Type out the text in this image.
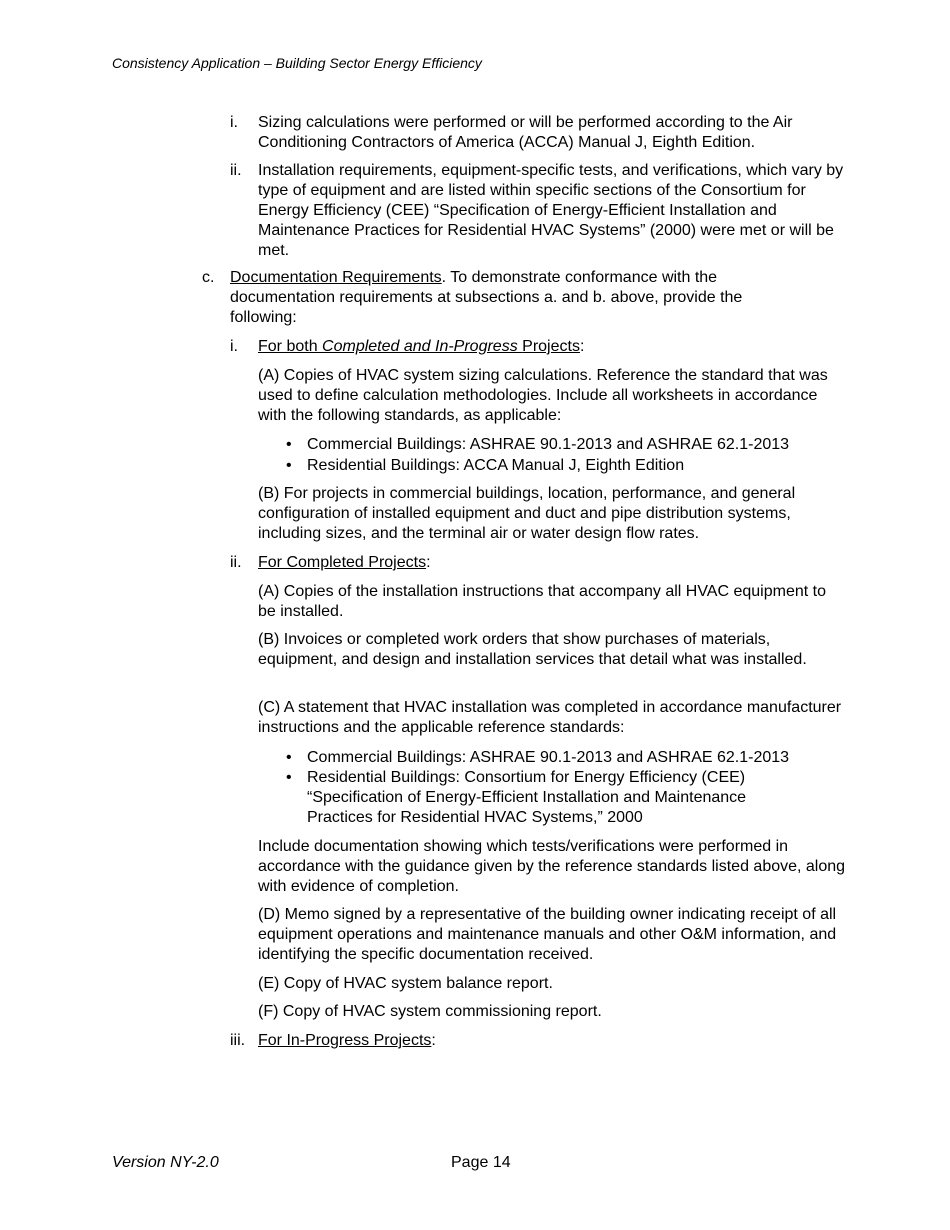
Consistency Application – Building Sector Energy Efficiency
i. Sizing calculations were performed or will be performed according to the Air Conditioning Contractors of America (ACCA) Manual J, Eighth Edition.
ii. Installation requirements, equipment-specific tests, and verifications, which vary by type of equipment and are listed within specific sections of the Consortium for Energy Efficiency (CEE) “Specification of Energy-Efficient Installation and Maintenance Practices for Residential HVAC Systems” (2000) were met or will be met.
c. Documentation Requirements. To demonstrate conformance with the documentation requirements at subsections a. and b. above, provide the following:
i. For both Completed and In-Progress Projects:
(A) Copies of HVAC system sizing calculations. Reference the standard that was used to define calculation methodologies. Include all worksheets in accordance with the following standards, as applicable:
• Commercial Buildings: ASHRAE 90.1-2013 and ASHRAE 62.1-2013
• Residential Buildings: ACCA Manual J, Eighth Edition
(B) For projects in commercial buildings, location, performance, and general configuration of installed equipment and duct and pipe distribution systems, including sizes, and the terminal air or water design flow rates.
ii. For Completed Projects:
(A) Copies of the installation instructions that accompany all HVAC equipment to be installed.
(B) Invoices or completed work orders that show purchases of materials, equipment, and design and installation services that detail what was installed.
(C) A statement that HVAC installation was completed in accordance manufacturer instructions and the applicable reference standards:
• Commercial Buildings: ASHRAE 90.1-2013 and ASHRAE 62.1-2013
• Residential Buildings: Consortium for Energy Efficiency (CEE) “Specification of Energy-Efficient Installation and Maintenance Practices for Residential HVAC Systems,” 2000
Include documentation showing which tests/verifications were performed in accordance with the guidance given by the reference standards listed above, along with evidence of completion.
(D) Memo signed by a representative of the building owner indicating receipt of all equipment operations and maintenance manuals and other O&M information, and identifying the specific documentation received.
(E) Copy of HVAC system balance report.
(F) Copy of HVAC system commissioning report.
iii. For In-Progress Projects:
Version NY-2.0	Page 14
